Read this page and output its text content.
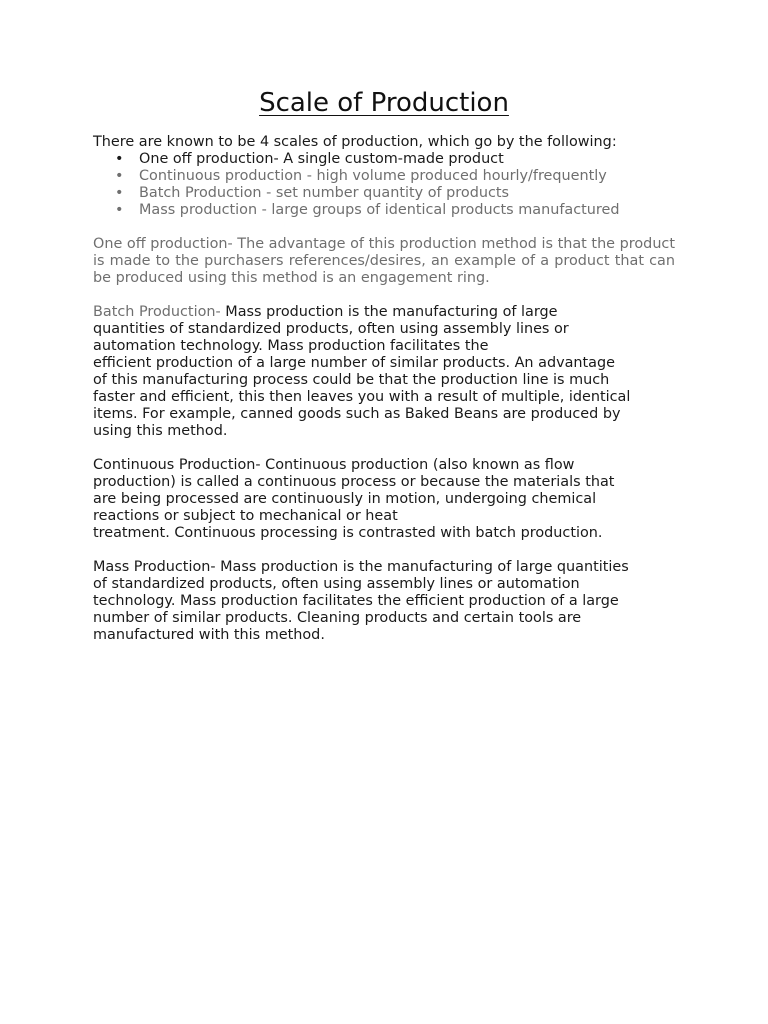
Scale of Production

There are known to be 4 scales of production, which go by the following:

• One off production- A single custom-made product
• Continuous production - high volume produced hourly/frequently
• Batch Production - set number quantity of products
• Mass production - large groups of identical products manufactured

One off production- The advantage of this production method is that the product is made to the purchasers references/desires, an example of a product that can be produced using this method is an engagement ring.

Batch Production- Mass production is the manufacturing of large
quantities of standardized products, often using assembly lines or
automation technology. Mass production facilitates the
efficient production of a large number of similar products. An advantage
of this manufacturing process could be that the production line is much
faster and efficient, this then leaves you with a result of multiple, identical
items. For example, canned goods such as Baked Beans are produced by
using this method.
Continuous Production- Continuous production (also known as flow
production) is called a continuous process or because the materials that
are being processed are continuously in motion, undergoing chemical
reactions or subject to mechanical or heat
treatment. Continuous processing is contrasted with batch production.
Mass Production- Mass production is the manufacturing of large quantities
of standardized products, often using assembly lines or automation
technology. Mass production facilitates the efficient production of a large
number of similar products. Cleaning products and certain tools are
manufactured with this method.
